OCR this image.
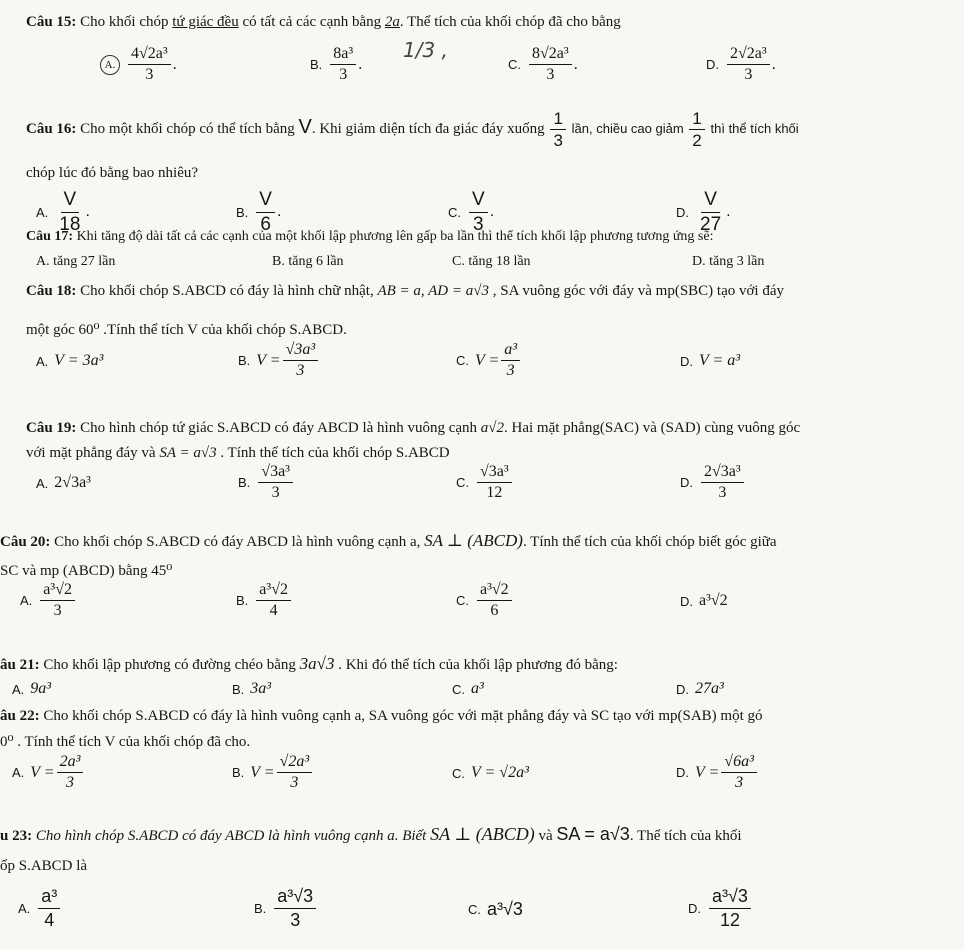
Câu 15: Cho khối chóp tứ giác đều có tất cả các cạnh bằng 2a. Thể tích của khối chóp đã cho bằng
A. $\frac{\text{4√2a³}}{3}$ .	B. $\frac{\text{8a³}}{3}$ .	C. $\frac{\text{8√2a³}}{3}$ .	D. $\frac{\text{2√2a³}}{3}$ .
1/3 ,
Câu 16: Cho một khối chóp có thể tích bằng V. Khi giảm diện tích đa giác đáy xuống $\frac{1}{3}$ lần, chiều cao giảm $\frac{1}{2}$ thì thể tích khối
chóp lúc đó bằng bao nhiêu?
A. $\frac{V}{18}$ .	B. $\frac{V}{6}$ .	C. $\frac{V}{3}$ .	D. $\frac{V}{27}$ .
Câu 17: Khi tăng độ dài tất cả các cạnh của một khối lập phương lên gấp ba lần thì thể tích khối lập phương tương ứng sẽ:
A. tăng 27 lần	B. tăng 6 lần	C. tăng 18 lần	D. tăng 3 lần
Câu 18: Cho khối chóp S.ABCD có đáy là hình chữ nhật, AB = a, AD = a√3 , SA vuông góc với đáy và mp(SBC) tạo với đáy
một góc 60⁰ .Tính thể tích V của khối chóp S.ABCD.
A. V = 3a³	B. $V = \frac{\text{√3a³}}{3}$	C. $V = \frac{\text{a³}}{3}$	D. V = a³
Câu 19: Cho hình chóp tứ giác S.ABCD có đáy ABCD là hình vuông cạnh a√2. Hai mặt phẳng(SAC) và (SAD) cùng vuông góc
với mặt phẳng đáy và SA = a√3 . Tính thể tích của khối chóp S.ABCD
A. 2√3a³	B. $\frac{\text{√3a³}}{3}$	C. $\frac{\text{√3a³}}{12}$	D. $\frac{\text{2√3a³}}{3}$
Câu 20: Cho khối chóp S.ABCD có đáy ABCD là hình vuông cạnh a, SA ⊥ (ABCD). Tính thể tích của khối chóp biết góc giữa
SC và mp (ABCD) bằng 45⁰
A. $\frac{\text{a³√2}}{3}$	B. $\frac{\text{a³√2}}{4}$	C. $\frac{\text{a³√2}}{6}$	D. a³√2
âu 21: Cho khối lập phương có đường chéo bằng 3a√3 . Khi đó thể tích của khối lập phương đó bằng:
A. 9a³	B. 3a³	C. a³	D. 27a³
âu 22: Cho khối chóp S.ABCD có đáy là hình vuông cạnh a, SA vuông góc với mặt phẳng đáy và SC tạo với mp(SAB) một gó
0⁰ . Tính thể tích V của khối chóp đã cho.
A. $V = \frac{\text{2a³}}{3}$	B. $V = \frac{\text{√2a³}}{3}$	C. V = √2a³	D. $V = \frac{\text{√6a³}}{3}$
u 23: Cho hình chóp S.ABCD có đáy ABCD là hình vuông cạnh a. Biết SA ⊥ (ABCD) và SA = a√3. Thể tích của khối
ốp S.ABCD là
A. $\frac{\text{a³}}{4}$	B. $\frac{\text{a³√3}}{3}$	C. a³√3	D. $\frac{\text{a³√3}}{12}$
